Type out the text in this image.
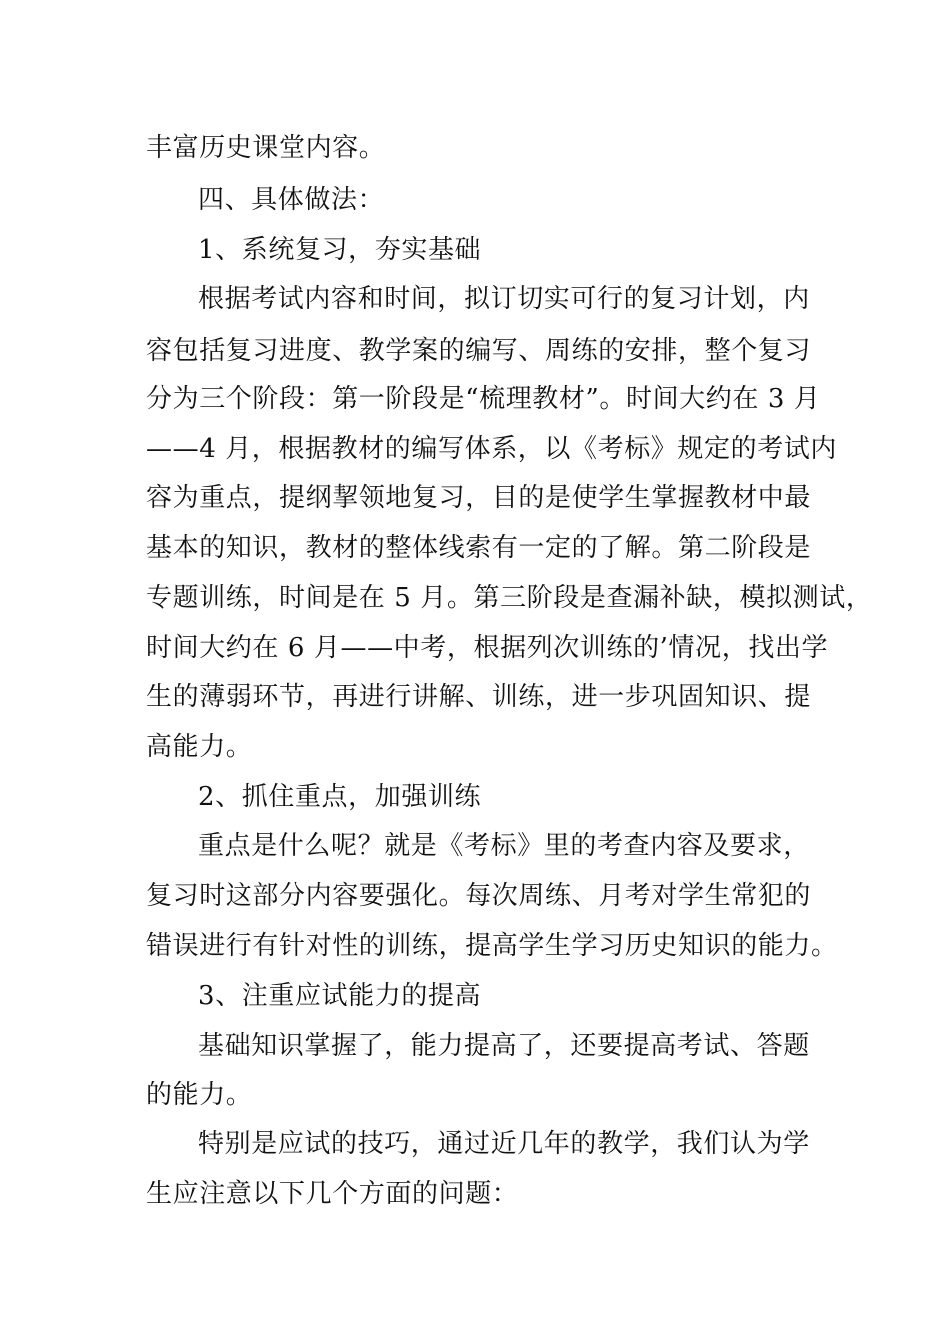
丰富历史课堂内容。
四、具体做法：
1、系统复习，夯实基础
根据考试内容和时间，拟订切实可行的复习计划，内
容包括复习进度、教学案的编写、周练的安排，整个复习
分为三个阶段：第一阶段是“梳理教材”。时间大约在 3 月
——4 月，根据教材的编写体系，以《考标》规定的考试内
容为重点，提纲挈领地复习，目的是使学生掌握教材中最
基本的知识，教材的整体线索有一定的了解。第二阶段是
专题训练，时间是在 5 月。第三阶段是查漏补缺，模拟测试，
时间大约在 6 月——中考，根据列次训练的’情况，找出学
生的薄弱环节，再进行讲解、训练，进一步巩固知识、提
高能力。
2、抓住重点，加强训练
重点是什么呢？就是《考标》里的考查内容及要求，
复习时这部分内容要强化。每次周练、月考对学生常犯的
错误进行有针对性的训练，提高学生学习历史知识的能力。
3、注重应试能力的提高
基础知识掌握了，能力提高了，还要提高考试、答题
的能力。
特别是应试的技巧，通过近几年的教学，我们认为学
生应注意以下几个方面的问题：
